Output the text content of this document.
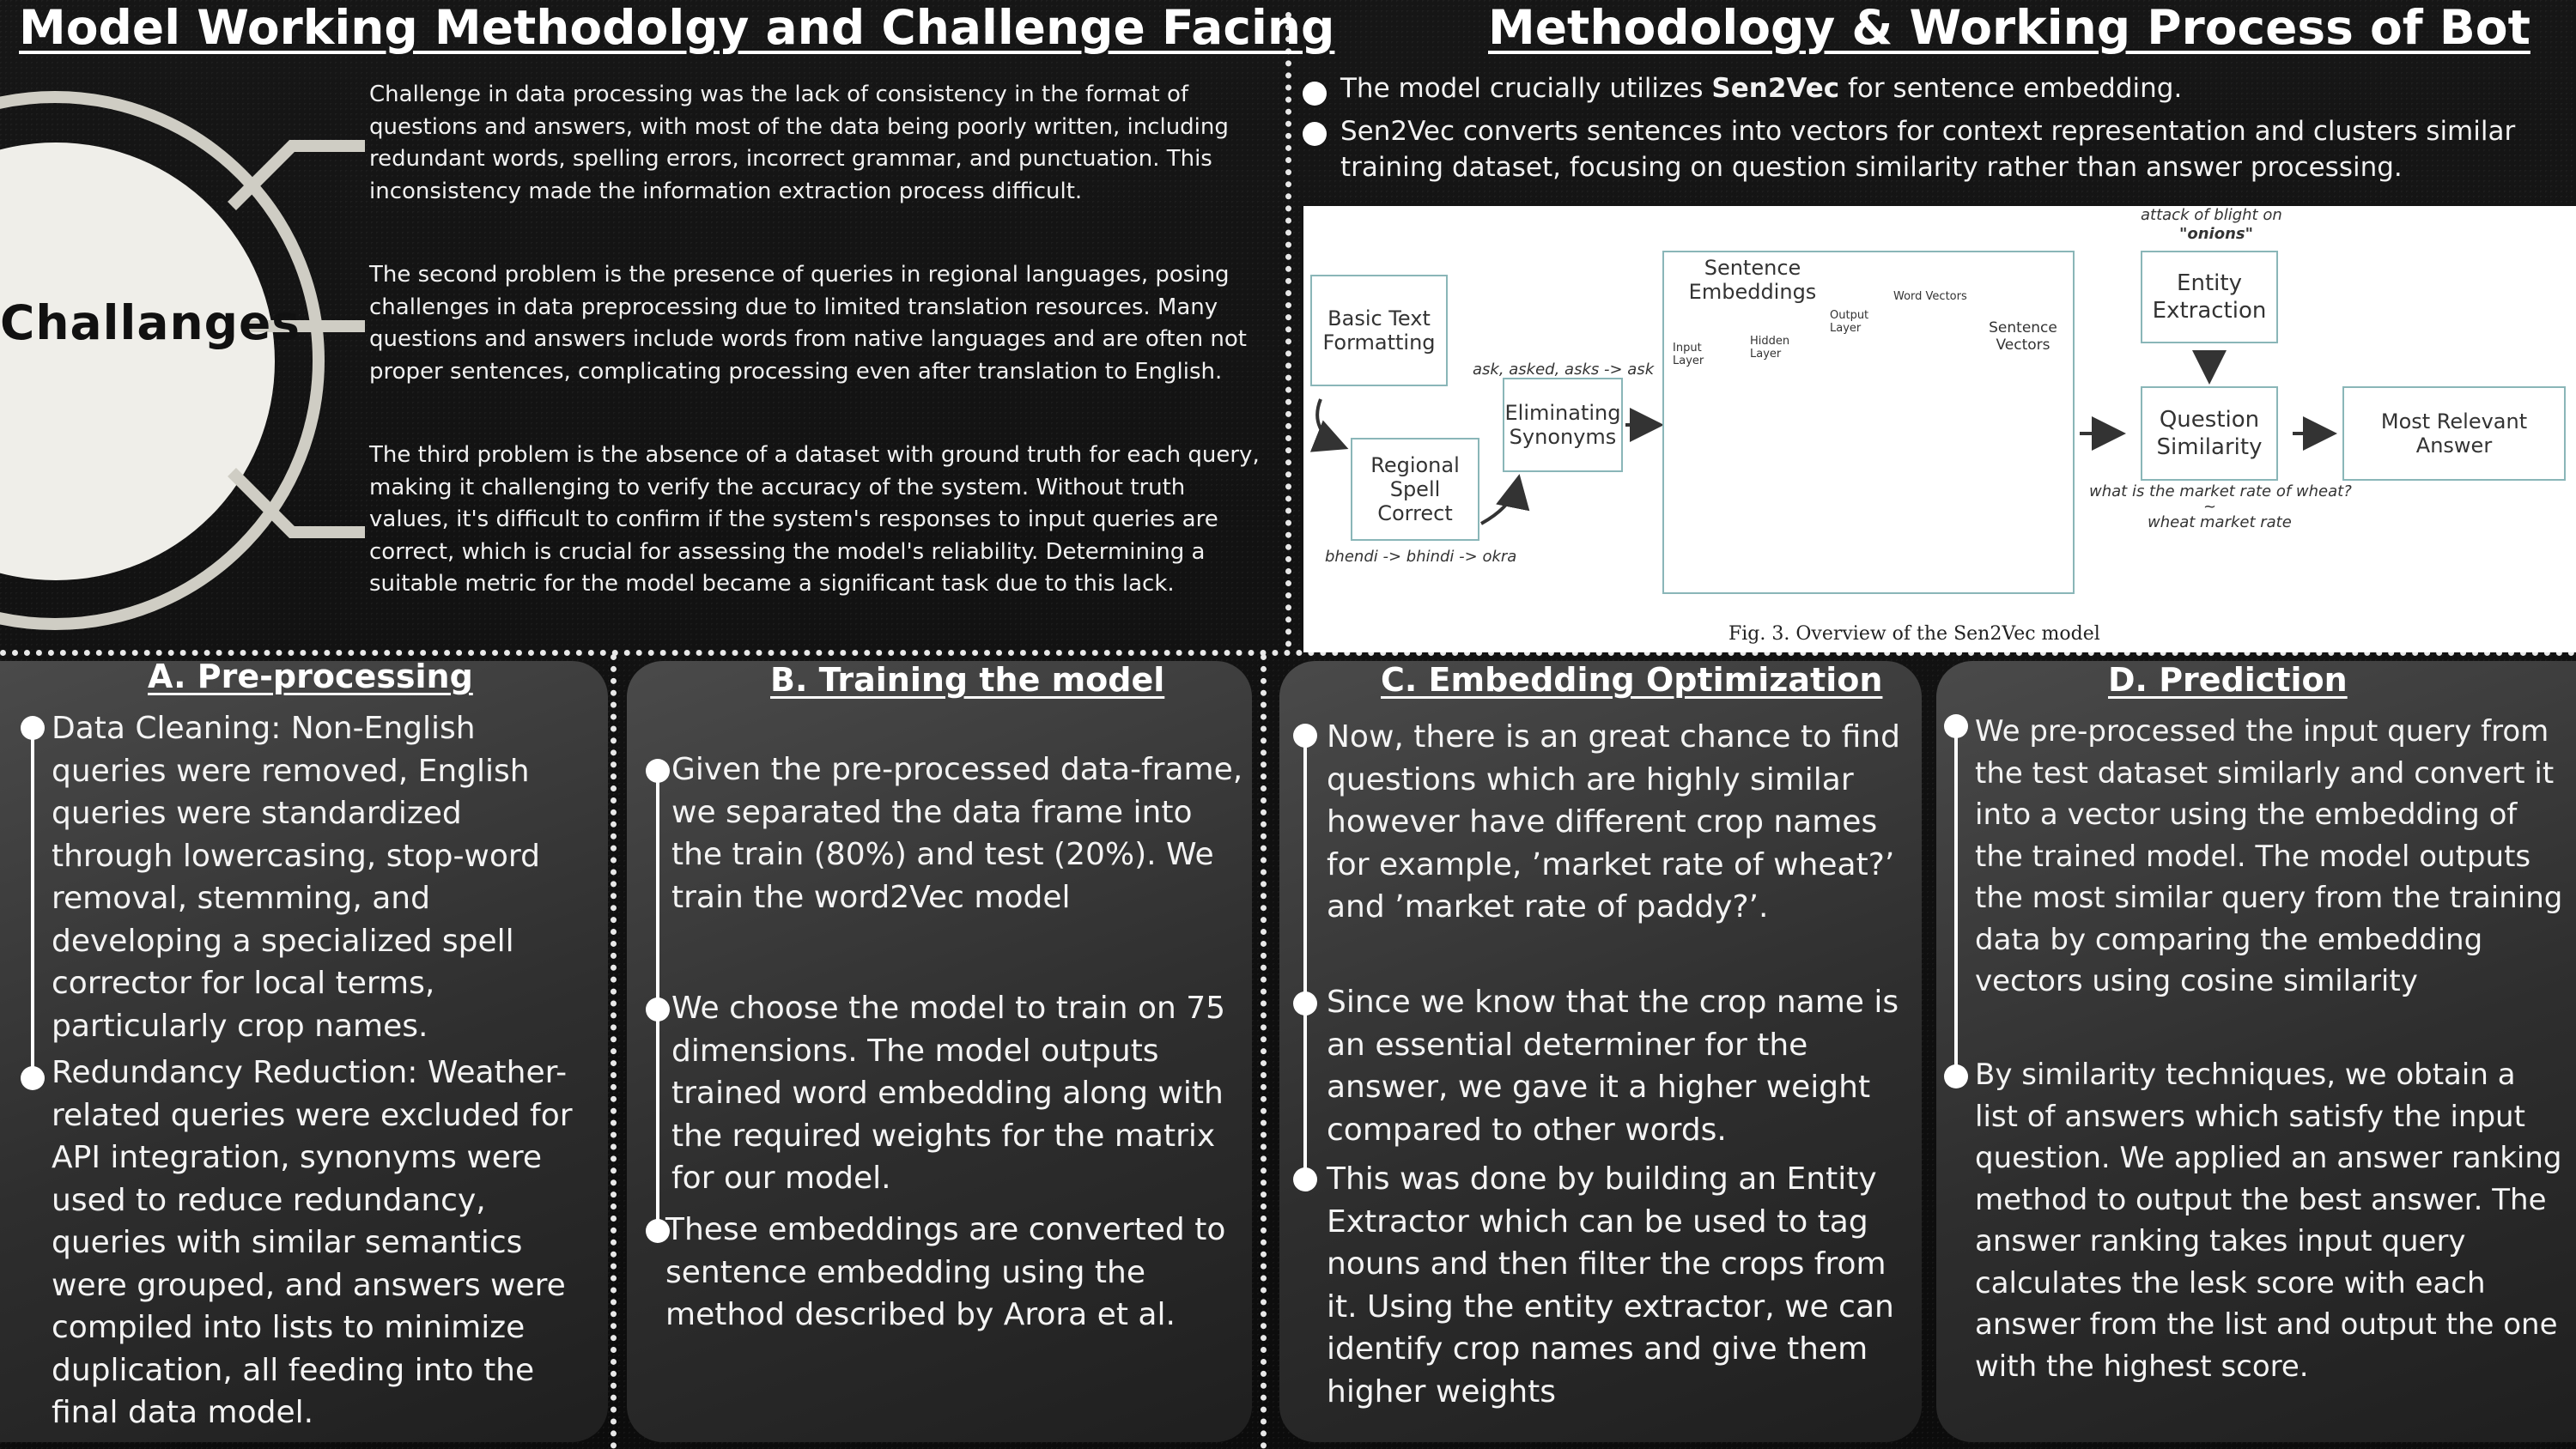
Model Working Methodolgy and Challenge Facing	Methodology & Working Process of Bot
Challanges
Challenge in data processing was the lack of consistency in the format of questions and answers, with most of the data being poorly written, including redundant words, spelling errors, incorrect grammar, and punctuation. This inconsistency made the information extraction process difficult.
The second problem is the presence of queries in regional languages, posing challenges in data preprocessing due to limited translation resources. Many questions and answers include words from native languages and are often not proper sentences, complicating processing even after translation to English.
The third problem is the absence of a dataset with ground truth for each query, making it challenging to verify the accuracy of the system. Without truth values, it's difficult to confirm if the system's responses to input queries are correct, which is crucial for assessing the model's reliability. Determining a suitable metric for the model became a significant task due to this lack.
The model crucially utilizes Sen2Vec for sentence embedding.
Sen2Vec converts sentences into vectors for context representation and clusters similar training dataset, focusing on question similarity rather than answer processing.
Basic Text Formatting
Regional Spell Correct
Eliminating Synonyms
Sentence Embeddings
Input Layer
Hidden Layer
Output Layer
Word Vectors
Sentence Vectors
Entity Extraction
Question Similarity
Most Relevant Answer
ask, asked, asks -> ask
bhendi -> bhindi -> okra
attack of blight on
"onions"
what is the market rate of wheat?
~
wheat market rate
Fig. 3. Overview of the Sen2Vec model
A. Pre-processing
Data Cleaning: Non-English queries were removed, English queries were standardized through lowercasing, stop-word removal, stemming, and developing a specialized spell corrector for local terms, particularly crop names.
Redundancy Reduction: Weather-related queries were excluded for API integration, synonyms were used to reduce redundancy, queries with similar semantics were grouped, and answers were compiled into lists to minimize duplication, all feeding into the final data model.
B. Training the model
Given the pre-processed data-frame, we separated the data frame into the train (80%) and test (20%). We train the word2Vec model
We choose the model to train on 75 dimensions. The model outputs trained word embedding along with the required weights for the matrix for our model.
These embeddings are converted to sentence embedding using the method described by Arora et al.
C. Embedding Optimization
Now, there is an great chance to find questions which are highly similar however have different crop names for example, ’market rate of wheat?’ and ’market rate of paddy?’.
Since we know that the crop name is an essential determiner for the answer, we gave it a higher weight compared to other words.
This was done by building an Entity Extractor which can be used to tag nouns and then filter the crops from it. Using the entity extractor, we can identify crop names and give them higher weights
D. Prediction
We pre-processed the input query from the test dataset similarly and convert it into a vector using the embedding of the trained model. The model outputs the most similar query from the training data by comparing the embedding vectors using cosine similarity
By similarity techniques, we obtain a list of answers which satisfy the input question. We applied an answer ranking method to output the best answer. The answer ranking takes input query calculates the lesk score with each answer from the list and output the one with the highest score.
